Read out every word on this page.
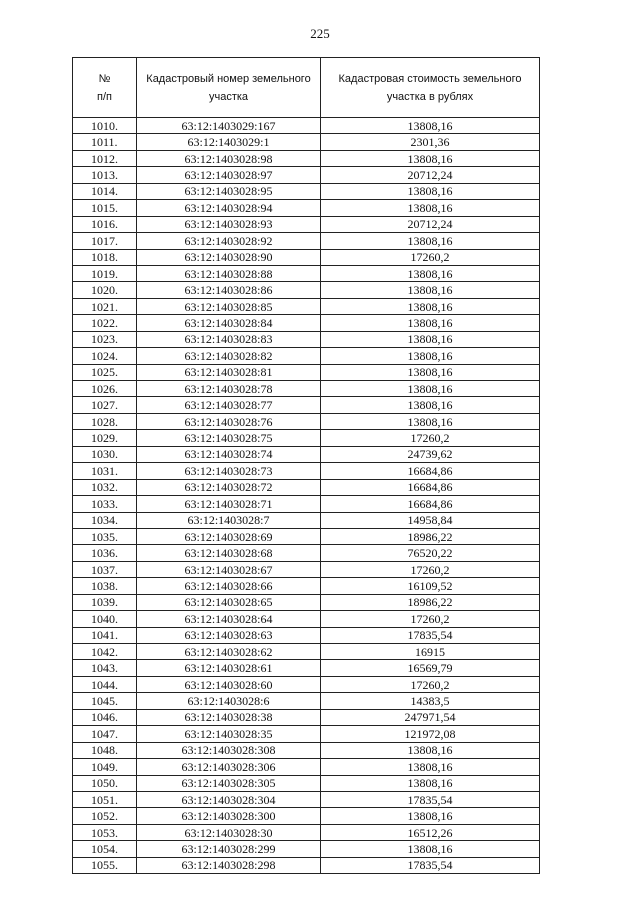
225
№
п/п	Кадастровый номер земельного участка	Кадастровая стоимость земельного участка в рублях
1010.	63:12:1403029:167	13808,16
1011.	63:12:1403029:1	2301,36
1012.	63:12:1403028:98	13808,16
1013.	63:12:1403028:97	20712,24
1014.	63:12:1403028:95	13808,16
1015.	63:12:1403028:94	13808,16
1016.	63:12:1403028:93	20712,24
1017.	63:12:1403028:92	13808,16
1018.	63:12:1403028:90	17260,2
1019.	63:12:1403028:88	13808,16
1020.	63:12:1403028:86	13808,16
1021.	63:12:1403028:85	13808,16
1022.	63:12:1403028:84	13808,16
1023.	63:12:1403028:83	13808,16
1024.	63:12:1403028:82	13808,16
1025.	63:12:1403028:81	13808,16
1026.	63:12:1403028:78	13808,16
1027.	63:12:1403028:77	13808,16
1028.	63:12:1403028:76	13808,16
1029.	63:12:1403028:75	17260,2
1030.	63:12:1403028:74	24739,62
1031.	63:12:1403028:73	16684,86
1032.	63:12:1403028:72	16684,86
1033.	63:12:1403028:71	16684,86
1034.	63:12:1403028:7	14958,84
1035.	63:12:1403028:69	18986,22
1036.	63:12:1403028:68	76520,22
1037.	63:12:1403028:67	17260,2
1038.	63:12:1403028:66	16109,52
1039.	63:12:1403028:65	18986,22
1040.	63:12:1403028:64	17260,2
1041.	63:12:1403028:63	17835,54
1042.	63:12:1403028:62	16915
1043.	63:12:1403028:61	16569,79
1044.	63:12:1403028:60	17260,2
1045.	63:12:1403028:6	14383,5
1046.	63:12:1403028:38	247971,54
1047.	63:12:1403028:35	121972,08
1048.	63:12:1403028:308	13808,16
1049.	63:12:1403028:306	13808,16
1050.	63:12:1403028:305	13808,16
1051.	63:12:1403028:304	17835,54
1052.	63:12:1403028:300	13808,16
1053.	63:12:1403028:30	16512,26
1054.	63:12:1403028:299	13808,16
1055.	63:12:1403028:298	17835,54
